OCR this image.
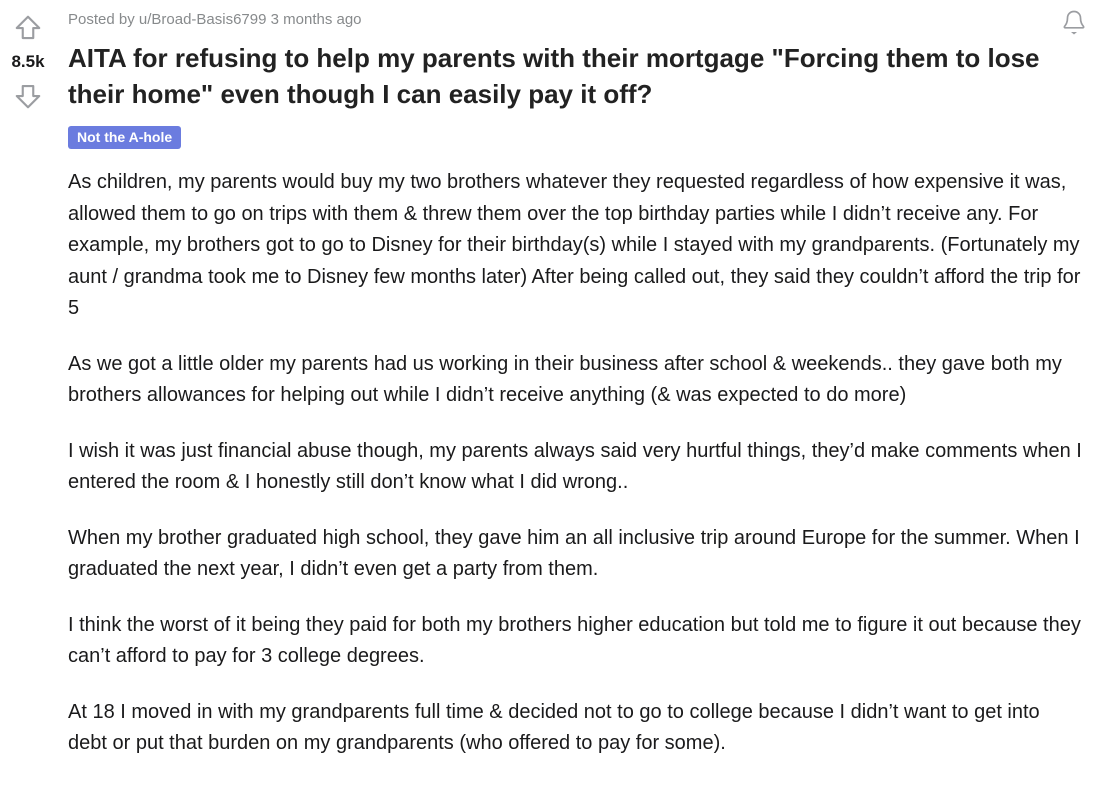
8.5k
Posted by u/Broad-Basis6799 3 months ago
AITA for refusing to help my parents with their mortgage "Forcing them to lose their home" even though I can easily pay it off?
Not the A-hole

As children, my parents would buy my two brothers whatever they requested regardless of how expensive it was, allowed them to go on trips with them & threw them over the top birthday parties while I didn’t receive any. For example, my brothers got to go to Disney for their birthday(s) while I stayed with my grandparents. (Fortunately my aunt / grandma took me to Disney few months later) After being called out, they said they couldn’t afford the trip for 5

As we got a little older my parents had us working in their business after school & weekends.. they gave both my brothers allowances for helping out while I didn’t receive anything (& was expected to do more)

I wish it was just financial abuse though, my parents always said very hurtful things, they’d make comments when I entered the room & I honestly still don’t know what I did wrong..

When my brother graduated high school, they gave him an all inclusive trip around Europe for the summer. When I graduated the next year, I didn’t even get a party from them.

I think the worst of it being they paid for both my brothers higher education but told me to figure it out because they can’t afford to pay for 3 college degrees.

At 18 I moved in with my grandparents full time & decided not to go to college because I didn’t want to get into debt or put that burden on my grandparents (who offered to pay for some).
